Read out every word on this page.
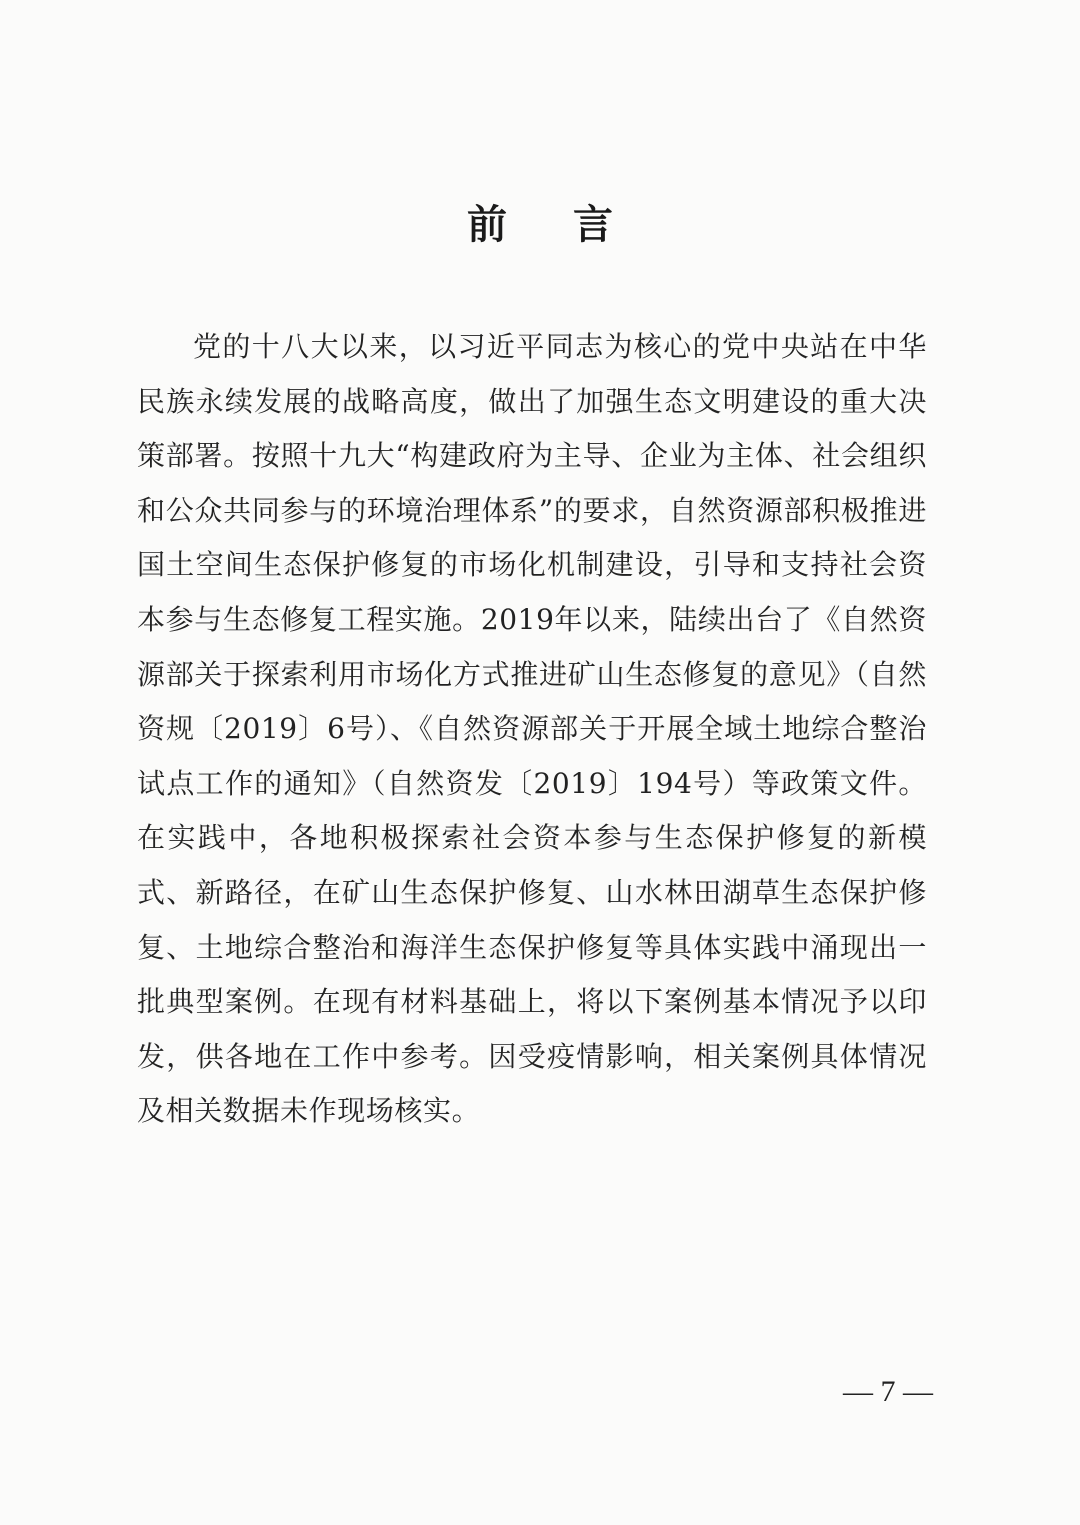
前言

党的十八大以来，以习近平同志为核心的党中央站在中华民族永续发展的战略高度，做出了加强生态文明建设的重大决策部署。按照十九大“构建政府为主导、企业为主体、社会组织和公众共同参与的环境治理体系”的要求，自然资源部积极推进国土空间生态保护修复的市场化机制建设，引导和支持社会资本参与生态修复工程实施。2019年以来，陆续出台了《自然资源部关于探索利用市场化方式推进矿山生态修复的意见》（自然资规〔2019〕6号）、《自然资源部关于开展全域土地综合整治试点工作的通知》（自然资发〔2019〕194号）等政策文件。在实践中，各地积极探索社会资本参与生态保护修复的新模式、新路径，在矿山生态保护修复、山水林田湖草生态保护修复、土地综合整治和海洋生态保护修复等具体实践中涌现出一批典型案例。在现有材料基础上，将以下案例基本情况予以印发，供各地在工作中参考。因受疫情影响，相关案例具体情况及相关数据未作现场核实。

— 7 —
